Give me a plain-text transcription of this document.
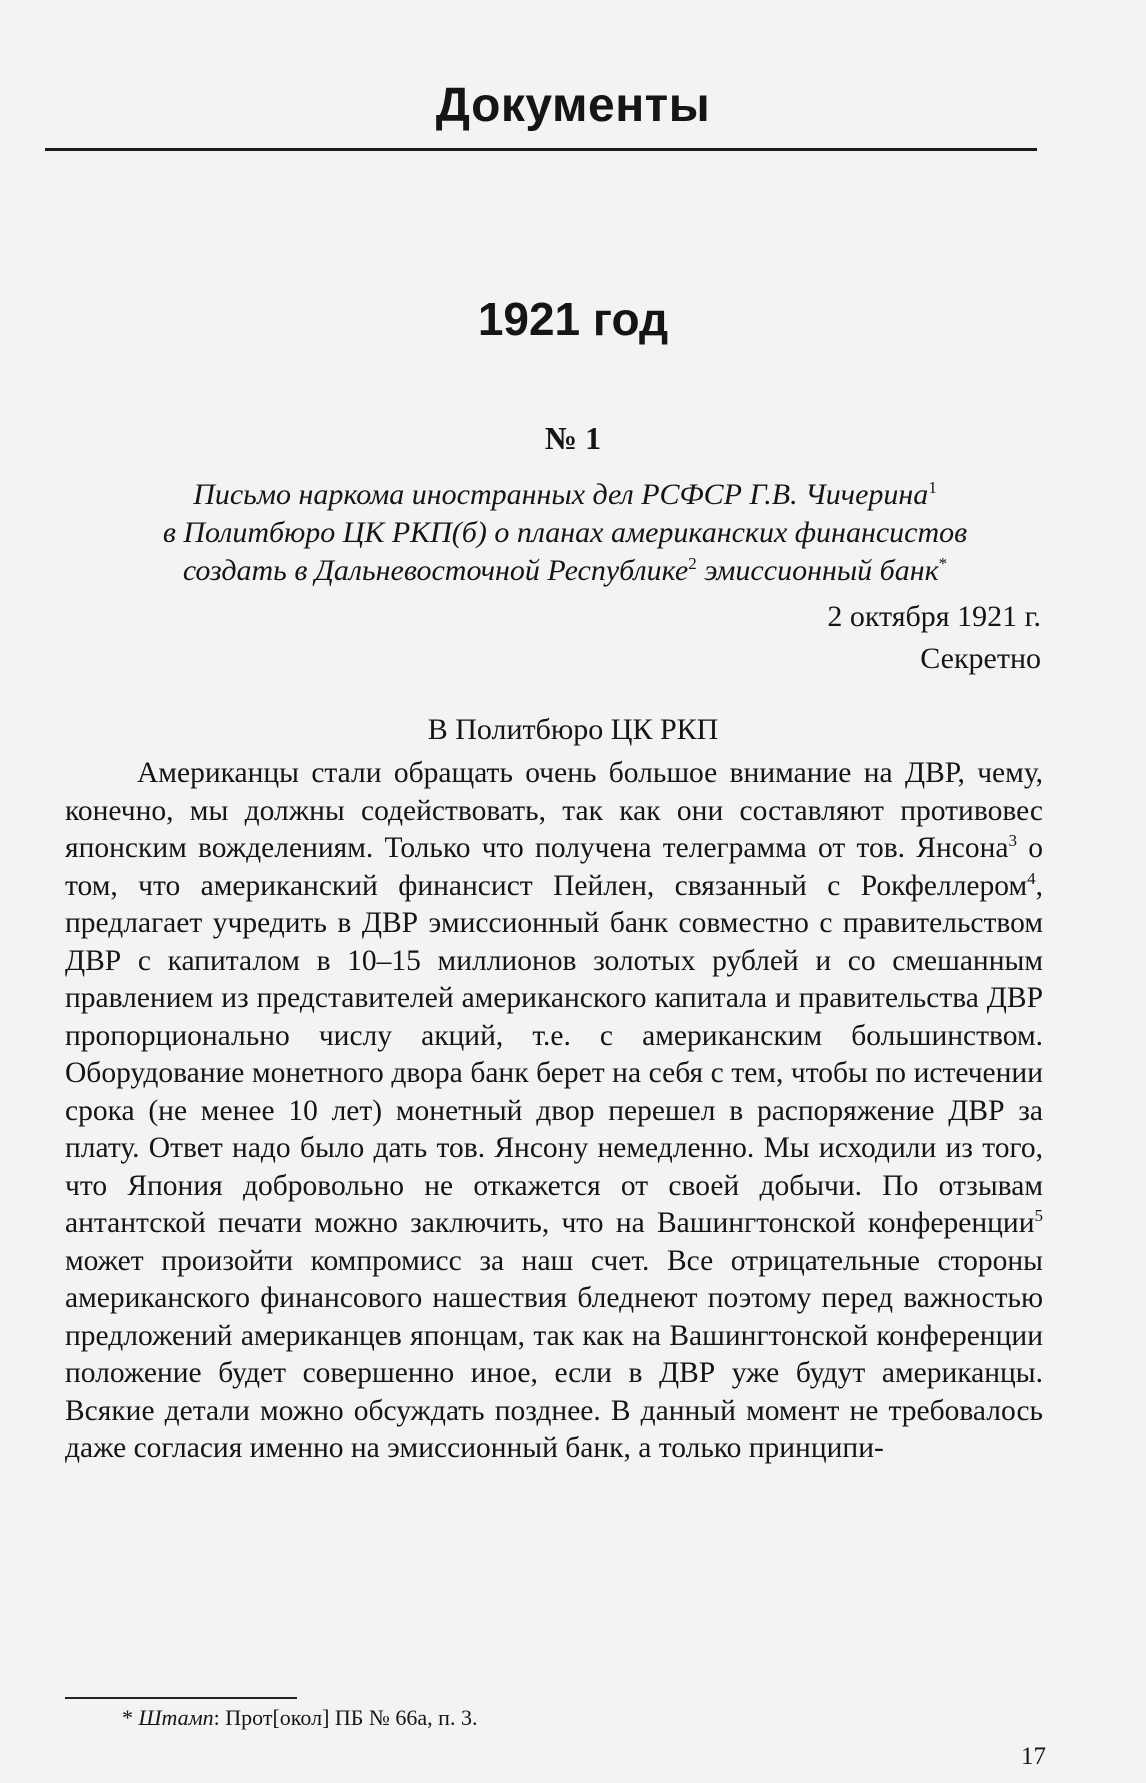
Документы
1921 год
№ 1
Письмо наркома иностранных дел РСФСР Г.В. Чичерина$^1$
в Политбюро ЦК РКП(б) о планах американских финансистов
создать в Дальневосточной Республике$^2$ эмиссионный банк*
2 октября 1921 г.
Секретно
В Политбюро ЦК РКП
Американцы стали обращать очень большое внимание на ДВР, чему, конечно, мы должны содействовать, так как они составляют противовес японским вожделениям. Только что получена телеграмма от тов. Янсона$^3$ о том, что американский финансист Пейлен, связанный с Рокфеллером$^4$, предлагает учредить в ДВР эмиссионный банк совместно с правительством ДВР с капиталом в 10–15 миллионов золотых рублей и со смешанным правлением из представителей американского капитала и правительства ДВР пропорционально числу акций, т.е. с американским большинством. Оборудование монетного двора банк берет на себя с тем, чтобы по истечении срока (не менее 10 лет) монетный двор перешел в распоряжение ДВР за плату. Ответ надо было дать тов. Янсону немедленно. Мы исходили из того, что Япония добровольно не откажется от своей добычи. По отзывам антантской печати можно заключить, что на Вашингтонской конференции$^5$ может произойти компромисс за наш счет. Все отрицательные стороны американского финансового нашествия бледнеют поэтому перед важностью предложений американцев японцам, так как на Вашингтонской конференции положение будет совершенно иное, если в ДВР уже будут американцы. Всякие детали можно обсуждать позднее. В данный момент не требовалось даже согласия именно на эмиссионный банк, а только принципи-
* Штамп: Прот[окол] ПБ № 66а, п. 3.
17
